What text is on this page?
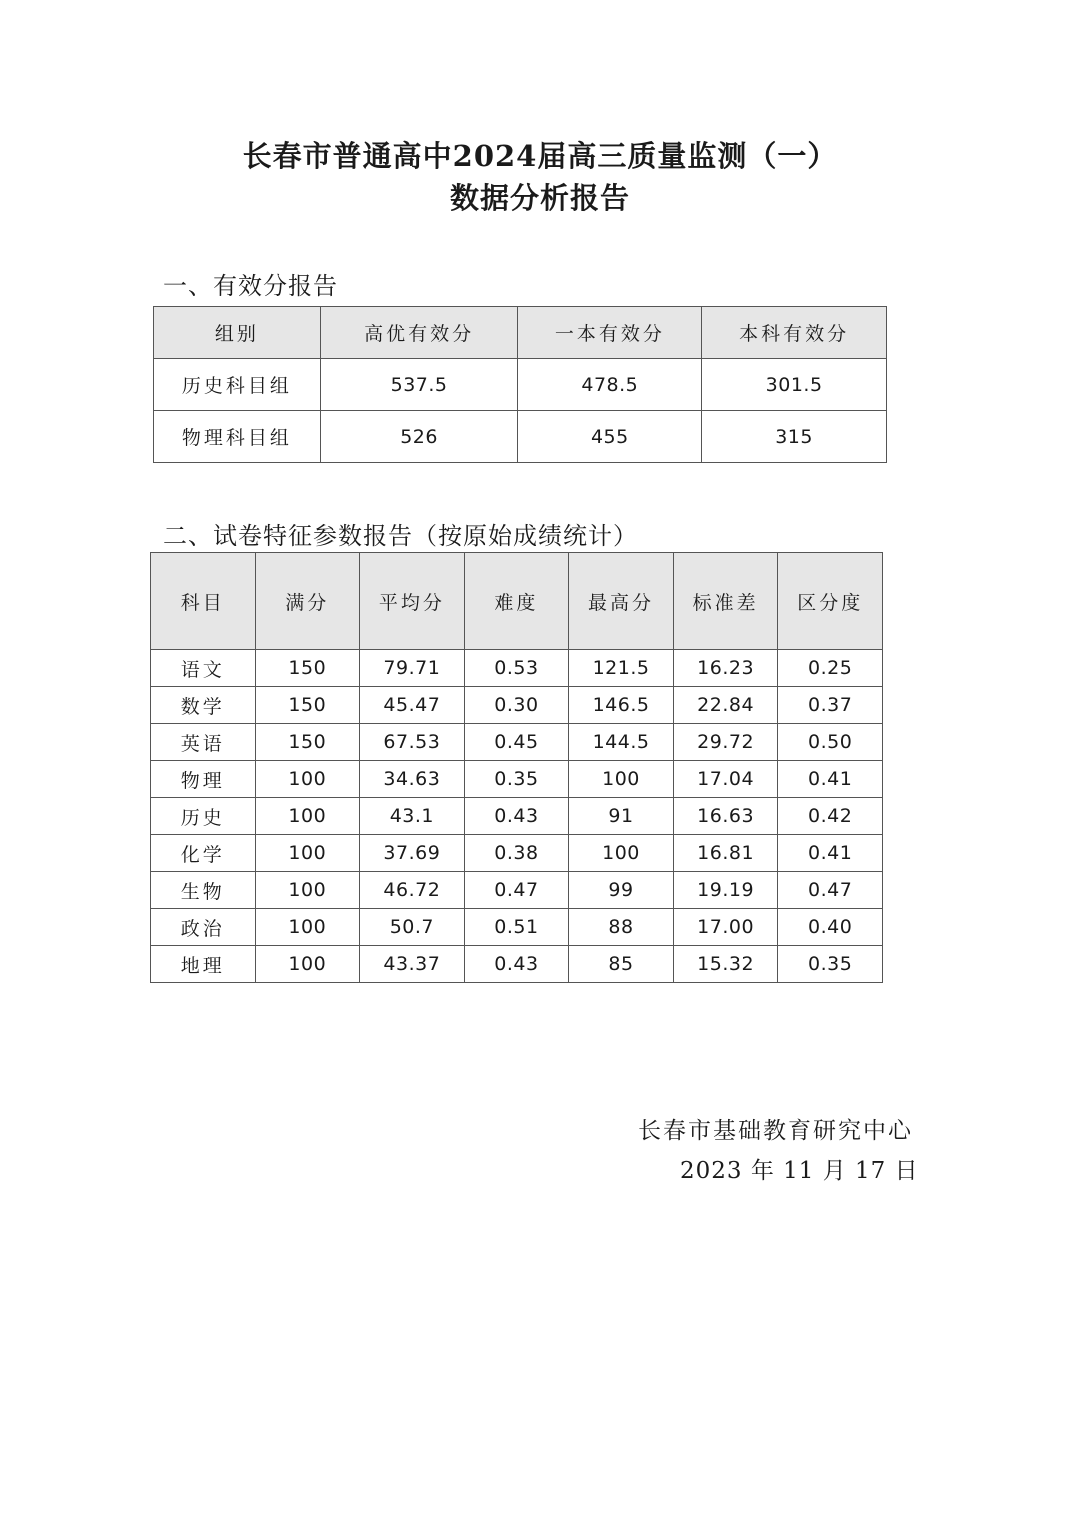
长春市普通高中2024届高三质量监测（一）
数据分析报告
一、有效分报告
组别	高优有效分	一本有效分	本科有效分
历史科目组	537.5	478.5	301.5
物理科目组	526	455	315
二、试卷特征参数报告（按原始成绩统计）
科目	满分	平均分	难度	最高分	标准差	区分度
语文	150	79.71	0.53	121.5	16.23	0.25
数学	150	45.47	0.30	146.5	22.84	0.37
英语	150	67.53	0.45	144.5	29.72	0.50
物理	100	34.63	0.35	100	17.04	0.41
历史	100	43.1	0.43	91	16.63	0.42
化学	100	37.69	0.38	100	16.81	0.41
生物	100	46.72	0.47	99	19.19	0.47
政治	100	50.7	0.51	88	17.00	0.40
地理	100	43.37	0.43	85	15.32	0.35
长春市基础教育研究中心
2023 年 11 月 17 日
